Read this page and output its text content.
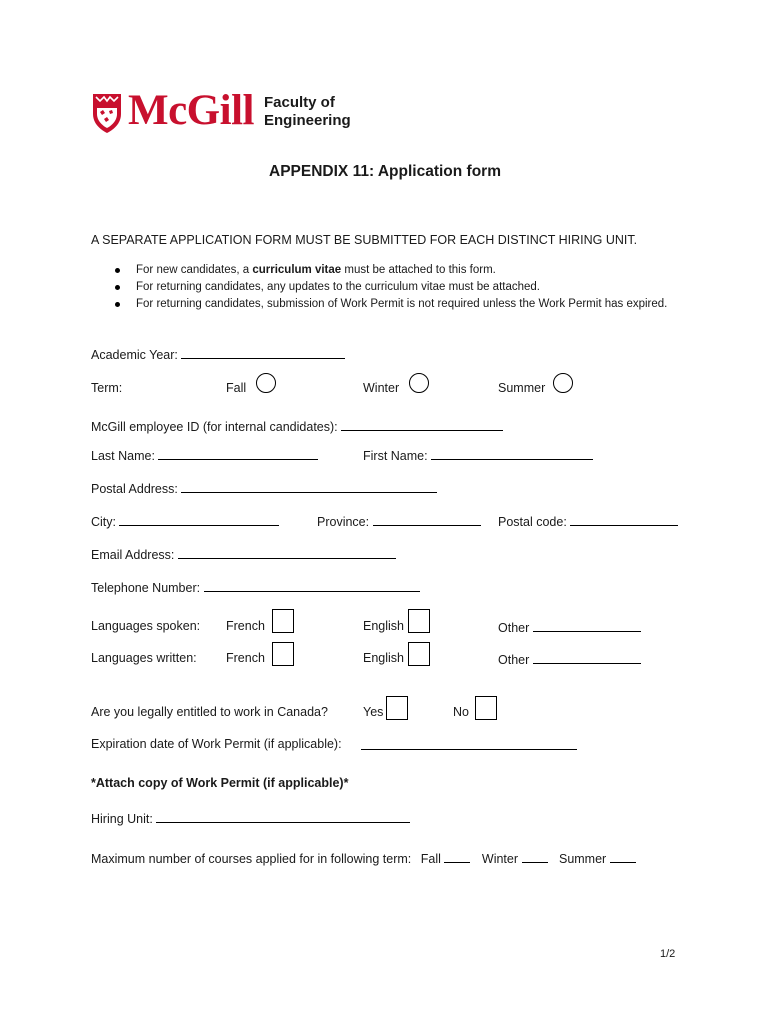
McGill Faculty of
Engineering
APPENDIX 11: Application form
A SEPARATE APPLICATION FORM MUST BE SUBMITTED FOR EACH DISTINCT HIRING UNIT.
For new candidates, a curriculum vitae must be attached to this form.
For returning candidates, any updates to the curriculum vitae must be attached.
For returning candidates, submission of Work Permit is not required unless the Work Permit has expired.
Academic Year:
Term:	Fall	Winter	Summer
McGill employee ID (for internal candidates):
Last Name:	First Name:
Postal Address:
City:	Province:	Postal code:
Email Address:
Telephone Number:
Languages spoken: French	English	Other
Languages written: French	English	Other
Are you legally entitled to work in Canada?	Yes	No
Expiration date of Work Permit (if applicable):
*Attach copy of Work Permit (if applicable)*
Hiring Unit:
Maximum number of courses applied for in following term: Fall	Winter	Summer
1/2
